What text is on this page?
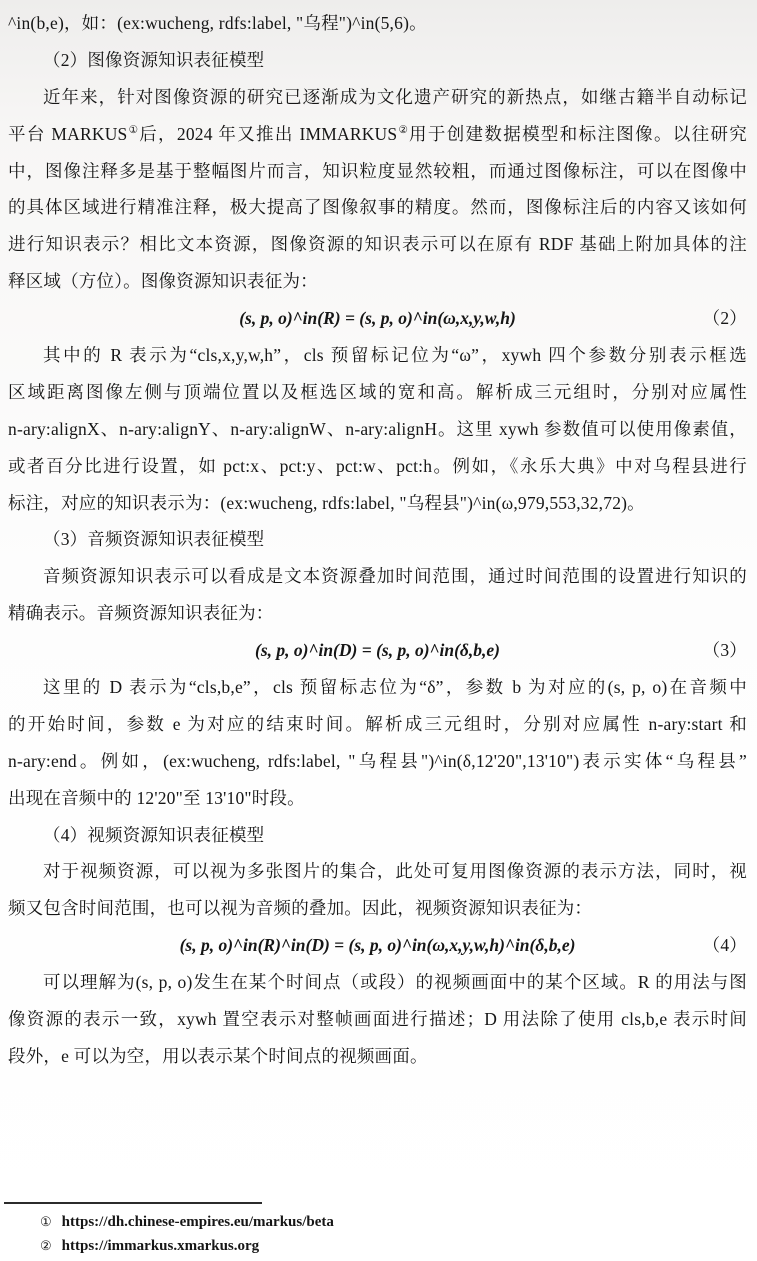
^in(b,e)，如：(ex:wucheng, rdfs:label, "乌程")^in(5,6)。
（2）图像资源知识表征模型
近年来，针对图像资源的研究已逐渐成为文化遗产研究的新热点，如继古籍半自动标记
平台 MARKUS①后，2024 年又推出 IMMARKUS②用于创建数据模型和标注图像。以往研究
中，图像注释多是基于整幅图片而言，知识粒度显然较粗，而通过图像标注，可以在图像中
的具体区域进行精准注释，极大提高了图像叙事的精度。然而，图像标注后的内容又该如何
进行知识表示？相比文本资源，图像资源的知识表示可以在原有 RDF 基础上附加具体的注
释区域（方位）。图像资源知识表征为：
(s, p, o)^in(R) = (s, p, o)^in(ω,x,y,w,h)	（2）
其中的 R 表示为“cls,x,y,w,h”，cls 预留标记位为“ω”，xywh 四个参数分别表示框选
区域距离图像左侧与顶端位置以及框选区域的宽和高。解析成三元组时，分别对应属性
n-ary:alignX、n-ary:alignY、n-ary:alignW、n-ary:alignH。这里 xywh 参数值可以使用像素值，
或者百分比进行设置，如 pct:x、pct:y、pct:w、pct:h。例如，《永乐大典》中对乌程县进行
标注，对应的知识表示为：(ex:wucheng, rdfs:label, "乌程县")^in(ω,979,553,32,72)。
（3）音频资源知识表征模型
音频资源知识表示可以看成是文本资源叠加时间范围，通过时间范围的设置进行知识的
精确表示。音频资源知识表征为：
(s, p, o)^in(D) = (s, p, o)^in(δ,b,e)	（3）
这里的 D 表示为“cls,b,e”，cls 预留标志位为“δ”，参数 b 为对应的(s, p, o)在音频中
的开始时间，参数 e 为对应的结束时间。解析成三元组时，分别对应属性 n-ary:start 和
n-ary:end。例如，(ex:wucheng, rdfs:label, "乌程县")^in(δ,12'20",13'10")表示实体“乌程县”
出现在音频中的 12'20"至 13'10"时段。
（4）视频资源知识表征模型
对于视频资源，可以视为多张图片的集合，此处可复用图像资源的表示方法，同时，视
频又包含时间范围，也可以视为音频的叠加。因此，视频资源知识表征为：
(s, p, o)^in(R)^in(D) = (s, p, o)^in(ω,x,y,w,h)^in(δ,b,e)	（4）
可以理解为(s, p, o)发生在某个时间点（或段）的视频画面中的某个区域。R 的用法与图
像资源的表示一致，xywh 置空表示对整帧画面进行描述；D 用法除了使用 cls,b,e 表示时间
段外，e 可以为空，用以表示某个时间点的视频画面。
① https://dh.chinese-empires.eu/markus/beta
② https://immarkus.xmarkus.org
